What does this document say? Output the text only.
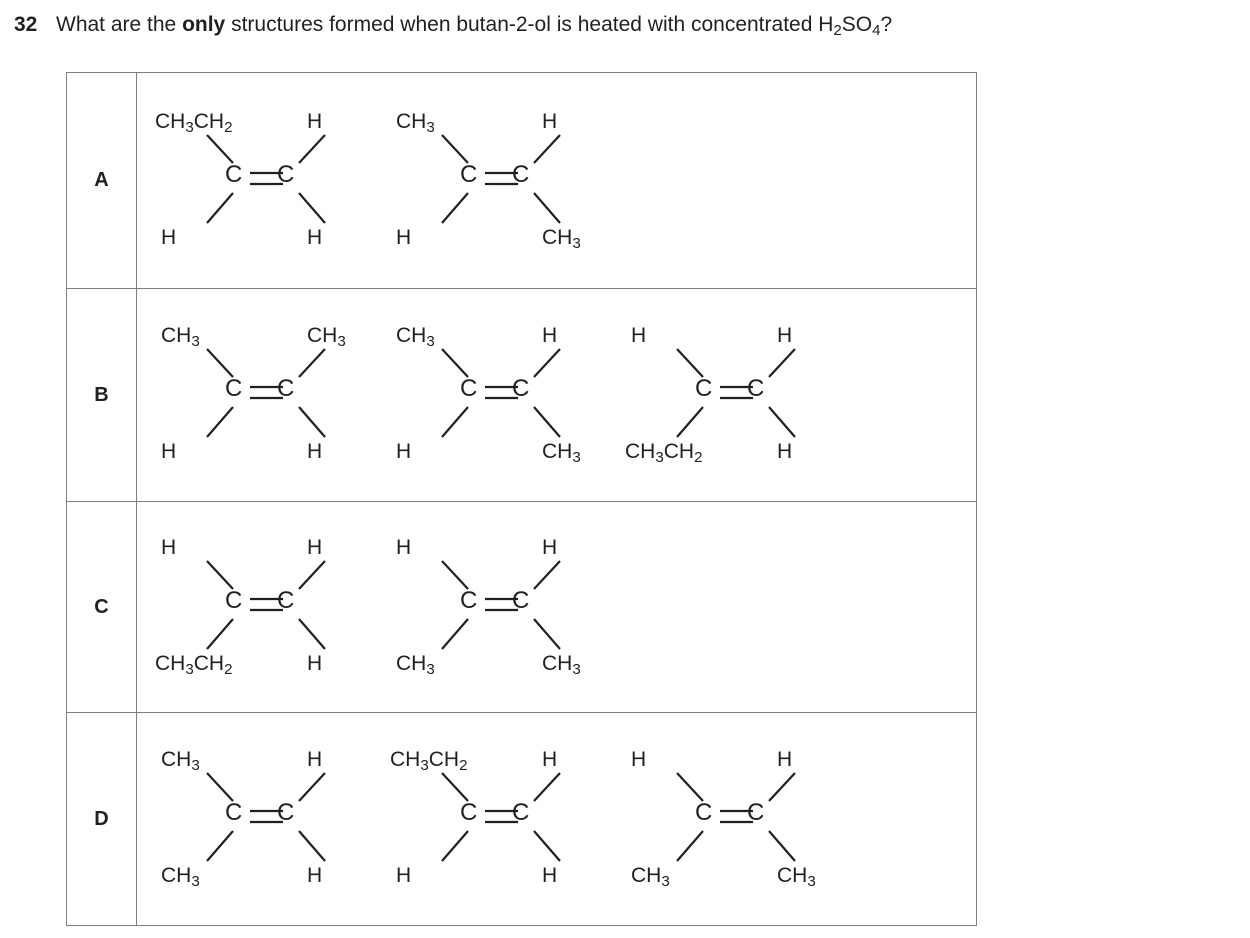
32 What are the only structures formed when butan-2-ol is heated with concentrated $H_2SO_4$?
A
$CH_3CH_2$	H
H	H
C C
$CH_3$	H
H	$CH_3$
C C
B
$CH_3$	$CH_3$
H	H
C C
$CH_3$	H
H	$CH_3$
C C
H	H
$CH_3CH_2$	H
C C
C
H	H
$CH_3CH_2$	H
C C
H	H
$CH_3$	$CH_3$
C C
D
$CH_3$	H
$CH_3$	H
C C
$CH_3CH_2$	H
H	H
C C
H	H
$CH_3$	$CH_3$
C C
